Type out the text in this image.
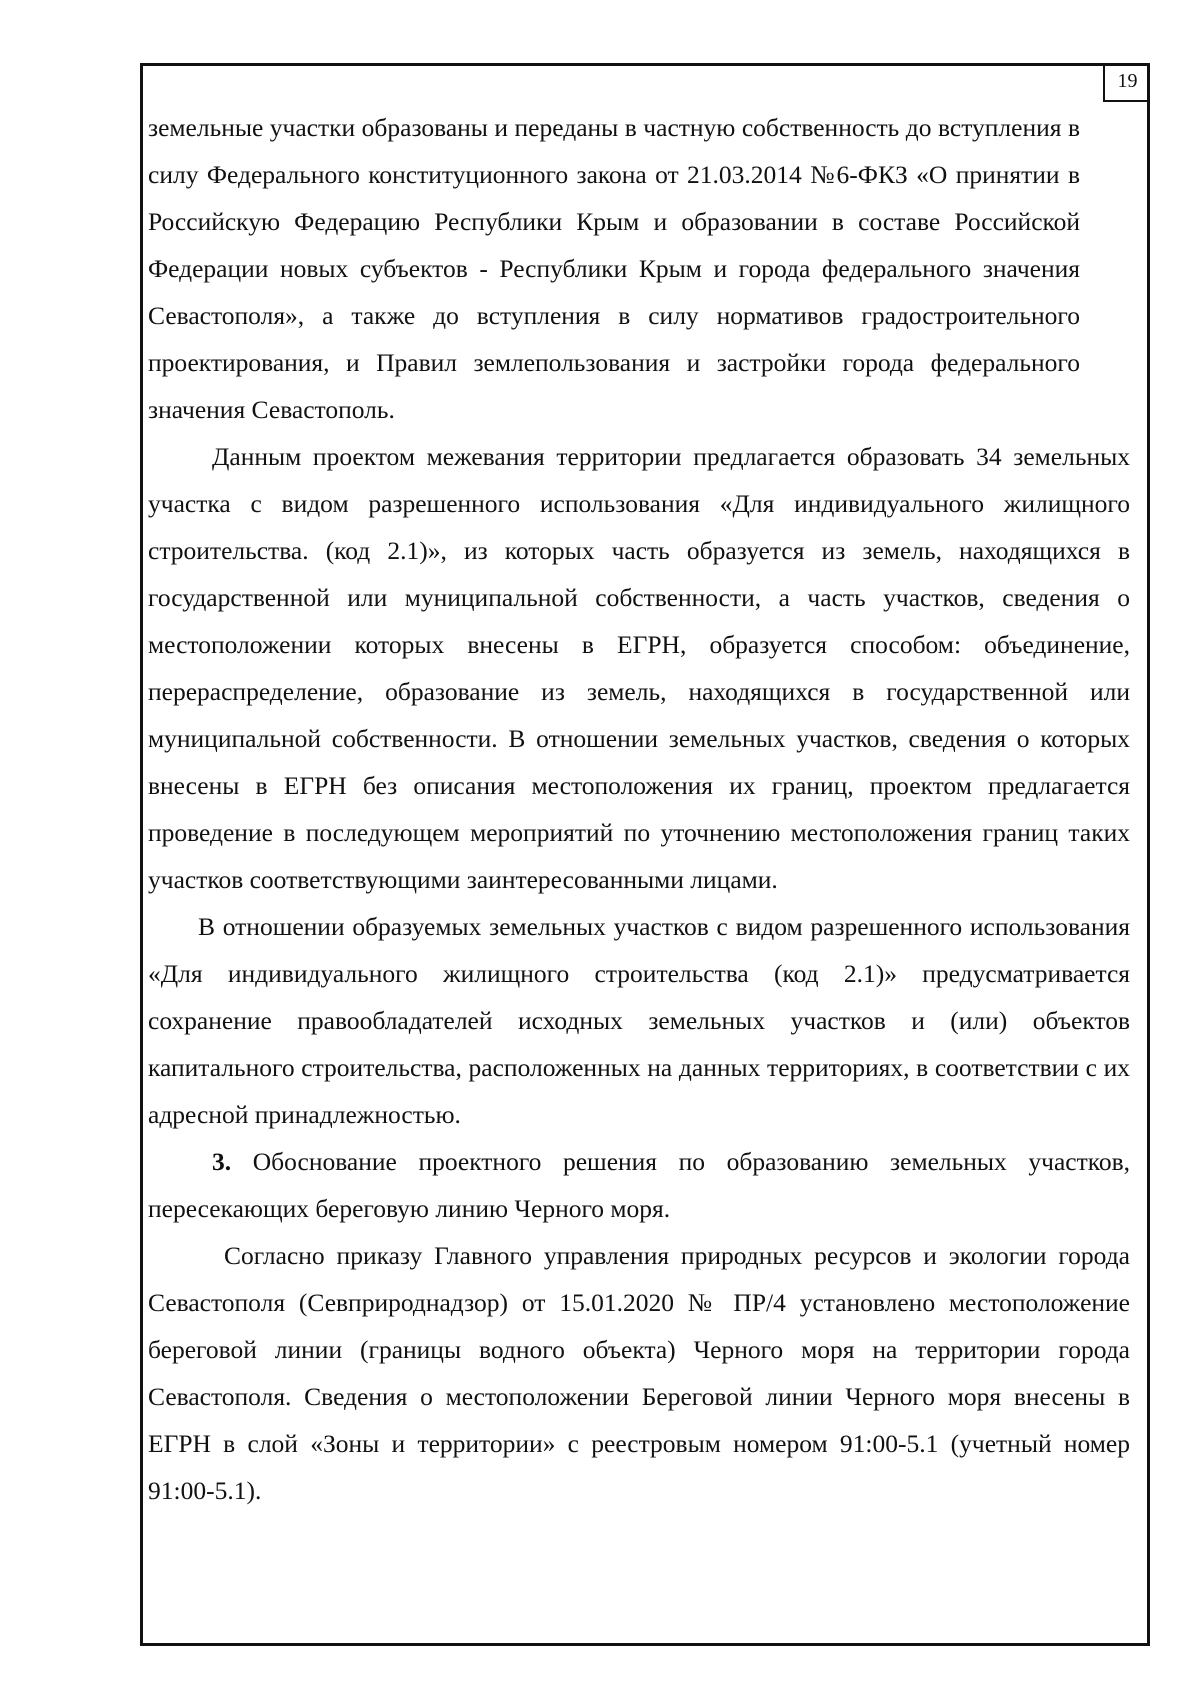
19

земельные участки образованы и переданы в частную собственность до вступления в силу Федерального конституционного закона от 21.03.2014 №6-ФКЗ «О принятии в Российскую Федерацию Республики Крым и образовании в составе Российской Федерации новых субъектов - Республики Крым и города федерального значения Севастополя», а также до вступления в силу нормативов градостроительного проектирования, и Правил землепользования и застройки города федерального значения Севастополь.

Данным проектом межевания территории предлагается образовать 34 земельных участка с видом разрешенного использования «Для индивидуального жилищного строительства. (код 2.1)», из которых часть образуется из земель, находящихся в государственной или муниципальной собственности, а часть участков, сведения о местоположении которых внесены в ЕГРН, образуется способом: объединение, перераспределение, образование из земель, находящихся в государственной или муниципальной собственности. В отношении земельных участков, сведения о которых внесены в ЕГРН без описания местоположения их границ, проектом предлагается проведение в последующем мероприятий по уточнению местоположения границ таких участков соответствующими заинтересованными лицами.

В отношении образуемых земельных участков с видом разрешенного использования «Для индивидуального жилищного строительства (код 2.1)» предусматривается сохранение правообладателей исходных земельных участков и (или) объектов капитального строительства, расположенных на данных территориях, в соответствии с их адресной принадлежностью.

3. Обоснование проектного решения по образованию земельных участков, пересекающих береговую линию Черного моря.

Согласно приказу Главного управления природных ресурсов и экологии города Севастополя (Севприроднадзор) от 15.01.2020 № ПР/4 установлено местоположение береговой линии (границы водного объекта) Черного моря на территории города Севастополя. Сведения о местоположении Береговой линии Черного моря внесены в ЕГРН в слой «Зоны и территории» с реестровым номером 91:00-5.1 (учетный номер 91:00-5.1).
